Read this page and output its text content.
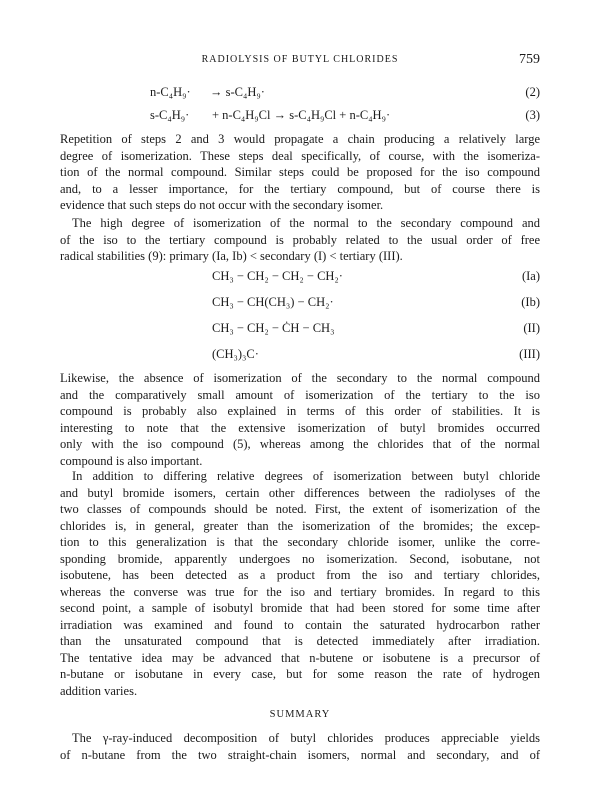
RADIOLYSIS OF BUTYL CHLORIDES	759
n-C₄H₉· → s-C₄H₉·	(2)
s-C₄H₉· + n-C₄H₉Cl → s-C₄H₉Cl + n-C₄H₉·	(3)
Repetition of steps 2 and 3 would propagate a chain producing a relatively large
degree of isomerization. These steps deal specifically, of course, with the isomeriza-
tion of the normal compound. Similar steps could be proposed for the iso compound
and, to a lesser importance, for the tertiary compound, but of course there is
evidence that such steps do not occur with the secondary isomer.
The high degree of isomerization of the normal to the secondary compound and
of the iso to the tertiary compound is probably related to the usual order of free
radical stabilities (9): primary (Ia, Ib) < secondary (I) < tertiary (III).
CH₃ − CH₂ − CH₂ − CH₂·	(Ia)
CH₃ − CH(CH₃) − CH₂·	(Ib)
CH₃ − CH₂ − ĊH − CH₃	(II)
(CH₃)₃C·	(III)
Likewise, the absence of isomerization of the secondary to the normal compound
and the comparatively small amount of isomerization of the tertiary to the iso
compound is probably also explained in terms of this order of stabilities. It is
interesting to note that the extensive isomerization of butyl bromides occurred
only with the iso compound (5), whereas among the chlorides that of the normal
compound is also important.
In addition to differing relative degrees of isomerization between butyl chloride
and butyl bromide isomers, certain other differences between the radiolyses of the
two classes of compounds should be noted. First, the extent of isomerization of the
chlorides is, in general, greater than the isomerization of the bromides; the excep-
tion to this generalization is that the secondary chloride isomer, unlike the corre-
sponding bromide, apparently undergoes no isomerization. Second, isobutane, not
isobutene, has been detected as a product from the iso and tertiary chlorides,
whereas the converse was true for the iso and tertiary bromides. In regard to this
second point, a sample of isobutyl bromide that had been stored for some time after
irradiation was examined and found to contain the saturated hydrocarbon rather
than the unsaturated compound that is detected immediately after irradiation.
The tentative idea may be advanced that n-butene or isobutene is a precursor of
n-butane or isobutane in every case, but for some reason the rate of hydrogen
addition varies.
SUMMARY
The γ-ray-induced decomposition of butyl chlorides produces appreciable yields
of n-butane from the two straight-chain isomers, normal and secondary, and of
